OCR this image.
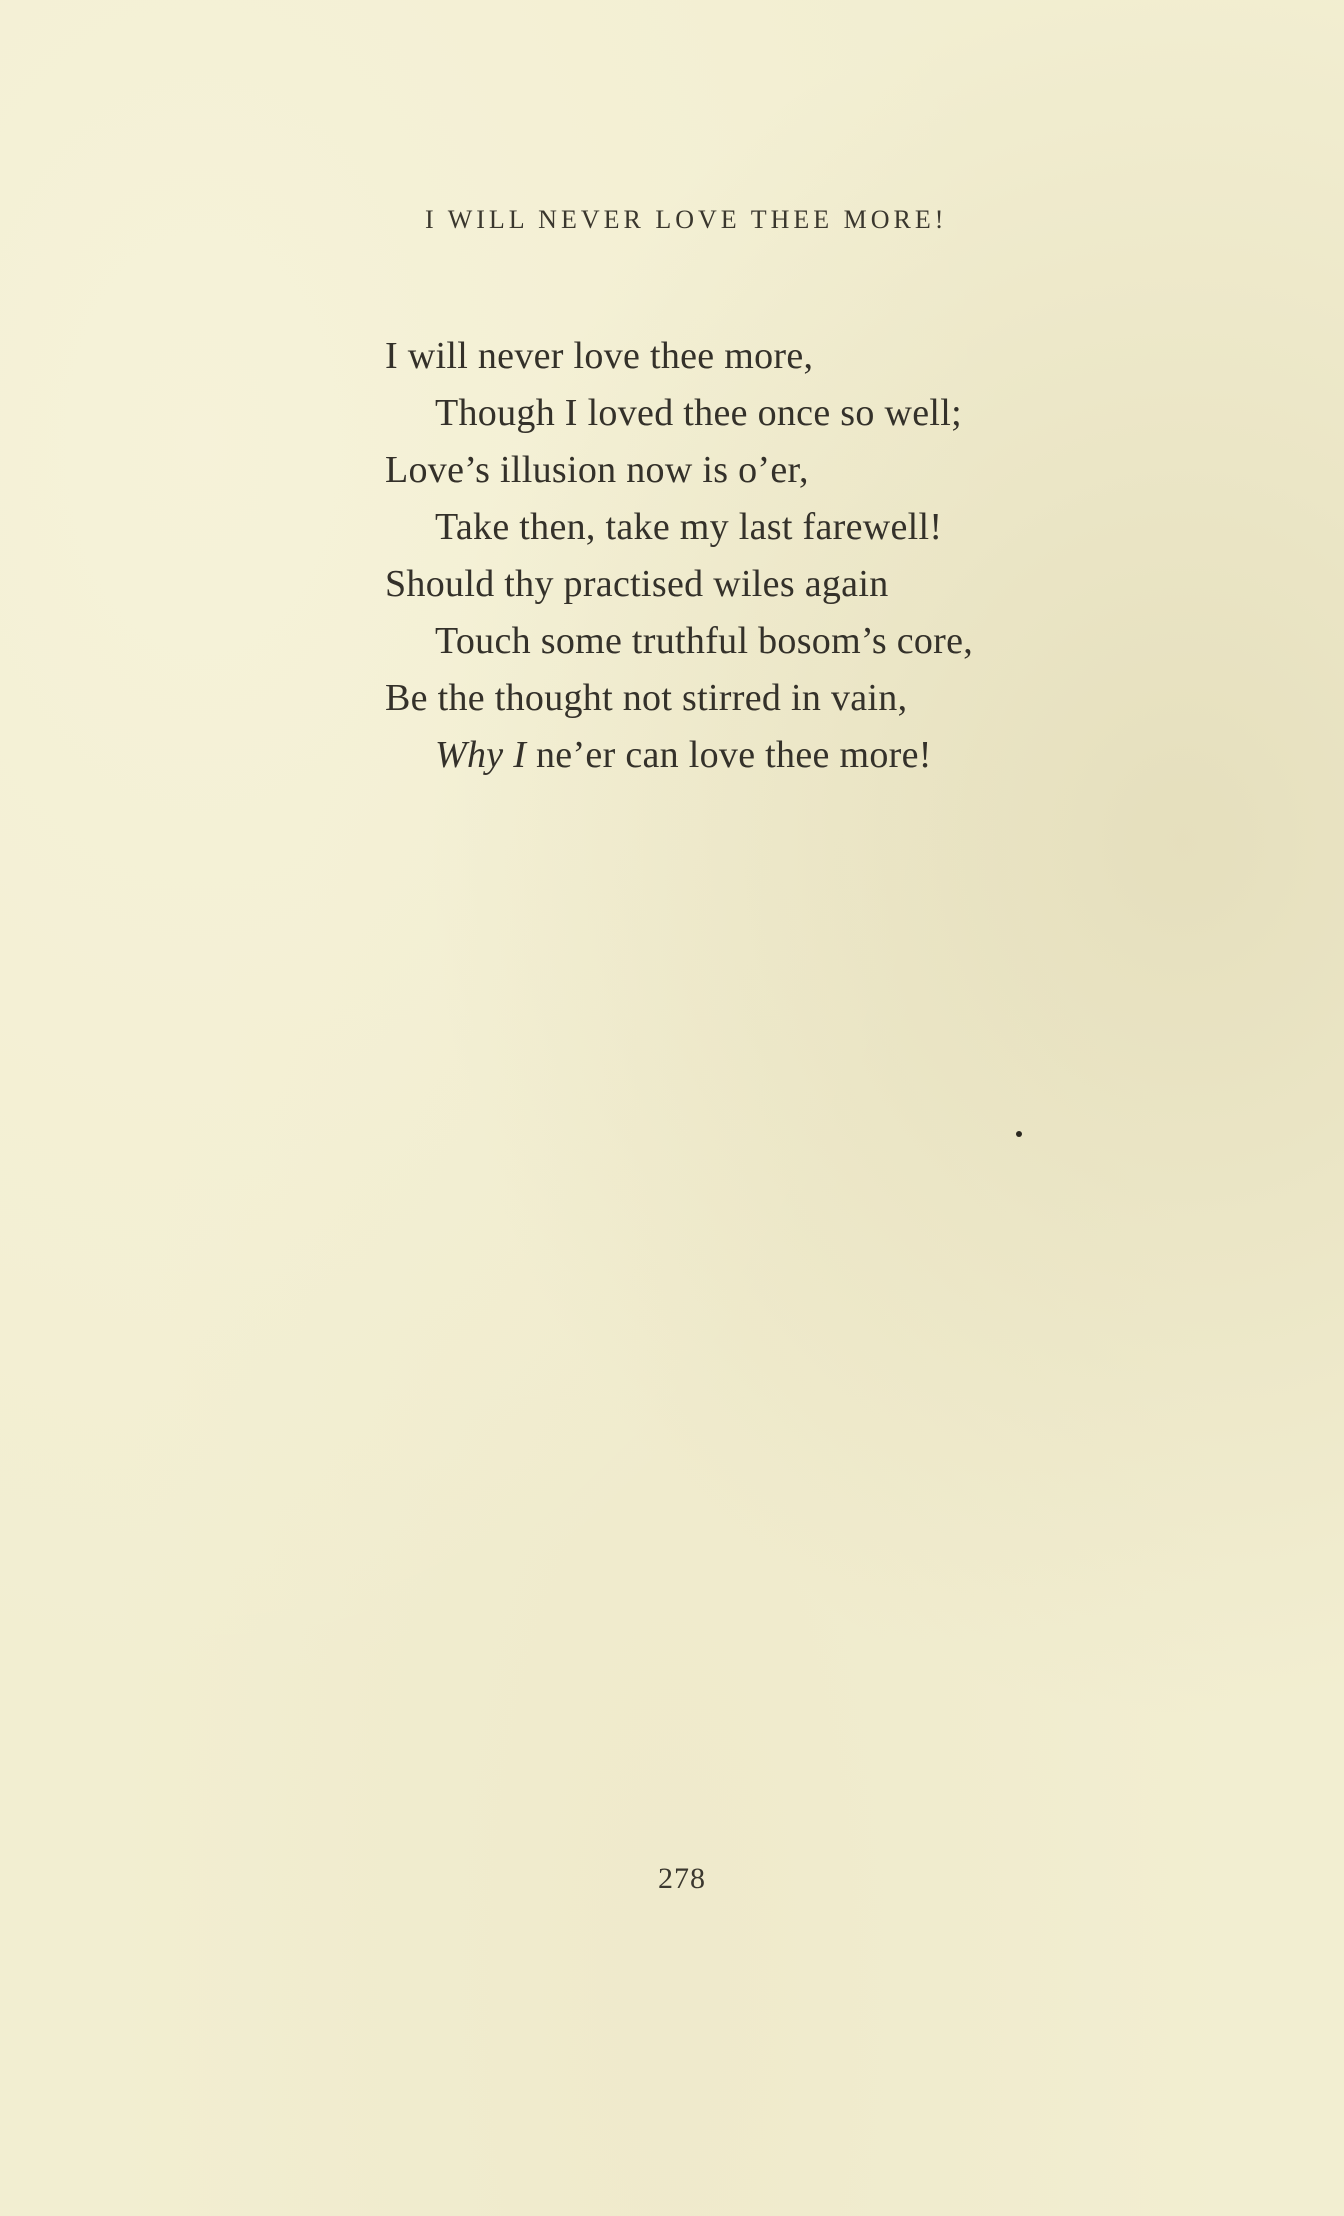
I WILL NEVER LOVE THEE MORE!
I will never love thee more,
Though I loved thee once so well;
Love’s illusion now is o’er,
Take then, take my last farewell!
Should thy practised wiles again
Touch some truthful bosom’s core,
Be the thought not stirred in vain,
Why I ne’er can love thee more!
278
